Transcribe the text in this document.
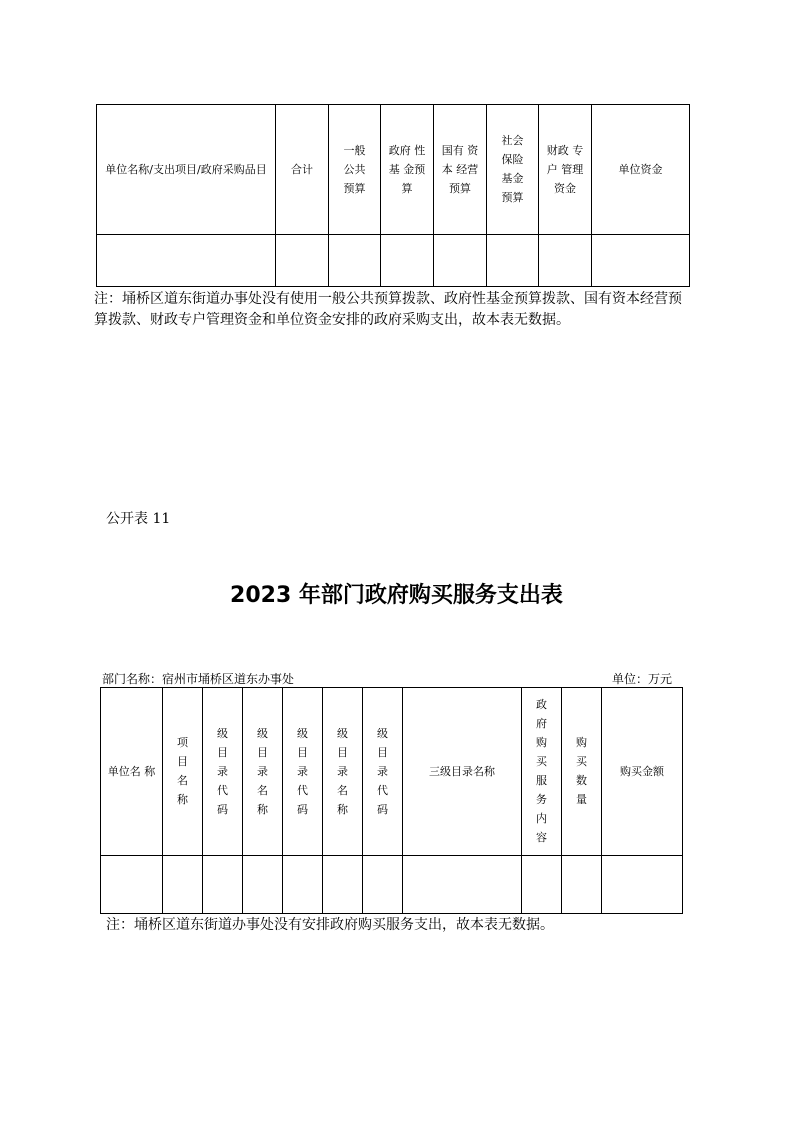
单位名称/支出项目/政府采购品目	合计	一般公共预算	政府 性基 金预算	国有 资本 经营预算	社会保险基金预算	财政 专户 管理资金	单位资金

注：埇桥区道东街道办事处没有使用一般公共预算拨款、政府性基金预算拨款、国有资本经营预算拨款、财政专户管理资金和单位资金安排的政府采购支出，故本表无数据。
公开表 11
2023 年部门政府购买服务支出表
部门名称：宿州市埇桥区道东办事处	单位：万元
单位名 称	项目名称	级目录代码	级目录名称	级目录代码	级目录名称	级目录代码	三级目录名称	政府购买服务内容	购买数量	购买金额

注：埇桥区道东街道办事处没有安排政府购买服务支出，故本表无数据。
